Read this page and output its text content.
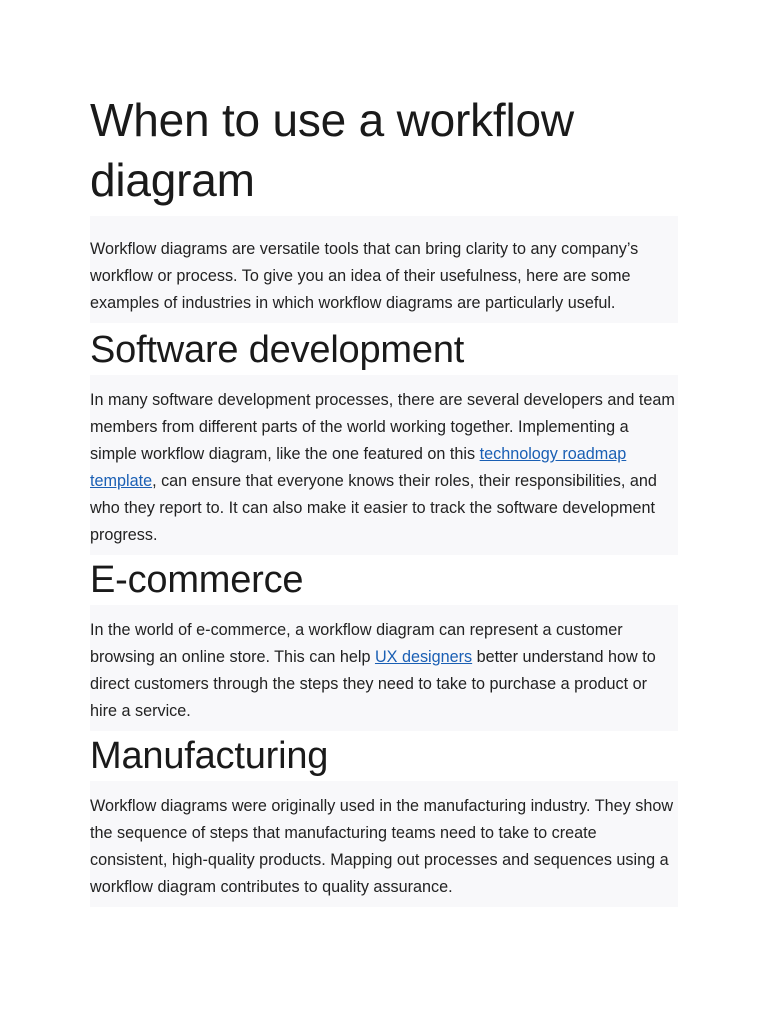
When to use a workflow diagram

Workflow diagrams are versatile tools that can bring clarity to any company’s workflow or process. To give you an idea of their usefulness, here are some examples of industries in which workflow diagrams are particularly useful.

Software development

In many software development processes, there are several developers and team members from different parts of the world working together. Implementing a simple workflow diagram, like the one featured on this technology roadmap template, can ensure that everyone knows their roles, their responsibilities, and who they report to. It can also make it easier to track the software development progress.

E-commerce

In the world of e-commerce, a workflow diagram can represent a customer browsing an online store. This can help UX designers better understand how to direct customers through the steps they need to take to purchase a product or hire a service.

Manufacturing

Workflow diagrams were originally used in the manufacturing industry. They show the sequence of steps that manufacturing teams need to take to create consistent, high-quality products. Mapping out processes and sequences using a workflow diagram contributes to quality assurance.
